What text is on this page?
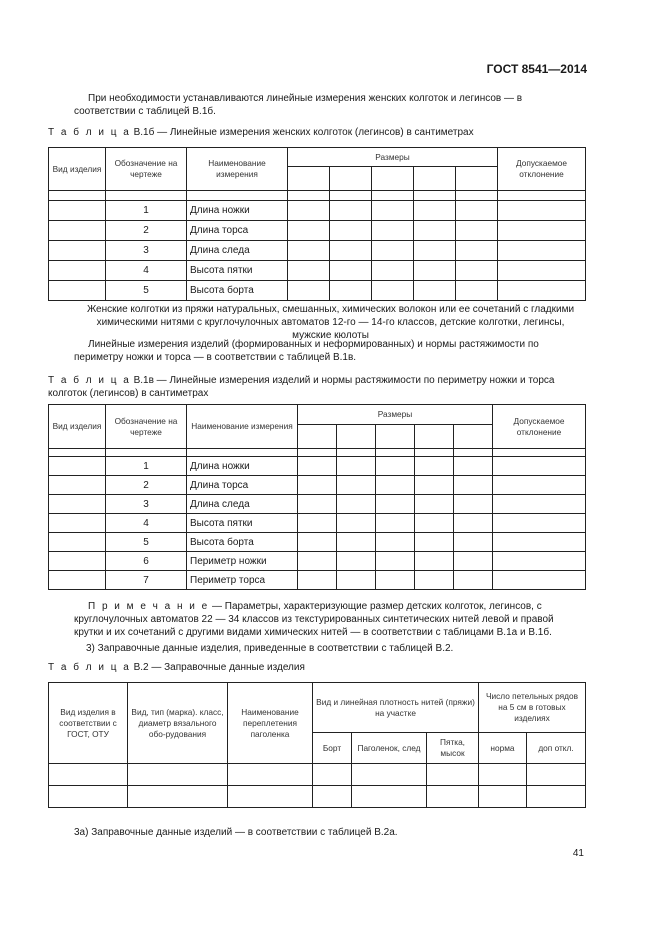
ГОСТ 8541—2014
При необходимости устанавливаются линейные измерения женских колготок и легинсов — в соответствии с таблицей В.1б.
Т а б л и ц а В.1б — Линейные измерения женских колготок (легинсов) в сантиметрах
Вид изделия	Обозначение на чертеже	Наименование измерения	Размеры					Допускаемое отклонение

	1	Длина ножки						
	2	Длина торса						
	3	Длина следа						
	4	Высота пятки						
	5	Высота борта						
Женские колготки из пряжи натуральных, смешанных, химических волокон или ее сочетаний с гладкими химическими нитями с круглочулочных автоматов 12-го — 14-го классов, детские колготки, легинсы, мужские кюлоты
Линейные измерения изделий (формированных и неформированных) и нормы растяжимости по периметру ножки и торса — в соответствии с таблицей В.1в.
Т а б л и ц а В.1в — Линейные измерения изделий и нормы растяжимости по периметру ножки и торса колготок (легинсов) в сантиметрах
Вид изделия	Обозначение на чертеже	Наименование измерения	Размеры					Допускаемое отклонение

	1	Длина ножки						
	2	Длина торса						
	3	Длина следа						
	4	Высота пятки						
	5	Высота борта						
	6	Периметр ножки						
	7	Периметр торса						
П р и м е ч а н и е — Параметры, характеризующие размер детских колготок, легинсов, с круглочулочных автоматов 22 — 34 классов из текстурированных синтетических нитей левой и правой крутки и их сочетаний с другими видами химических нитей — в соответствии с таблицами В.1а и В.1б.
3) Заправочные данные изделия, приведенные в соответствии с таблицей В.2.
Т а б л и ц а В.2 — Заправочные данные изделия
Вид изделия в соответствии с ГОСТ, ОТУ	Вид, тип (марка). класс, диаметр вязального обо-рудования	Наименование переплетения паголенка	Вид и линейная плотность нитей (пряжи) на участке			Число петельных рядов на 5 см в готовых изделиях	
			Борт	Паголенок, след	Пятка, мысок	норма	доп откл.

3а) Заправочные данные изделий — в соответствии с таблицей В.2а.
41
